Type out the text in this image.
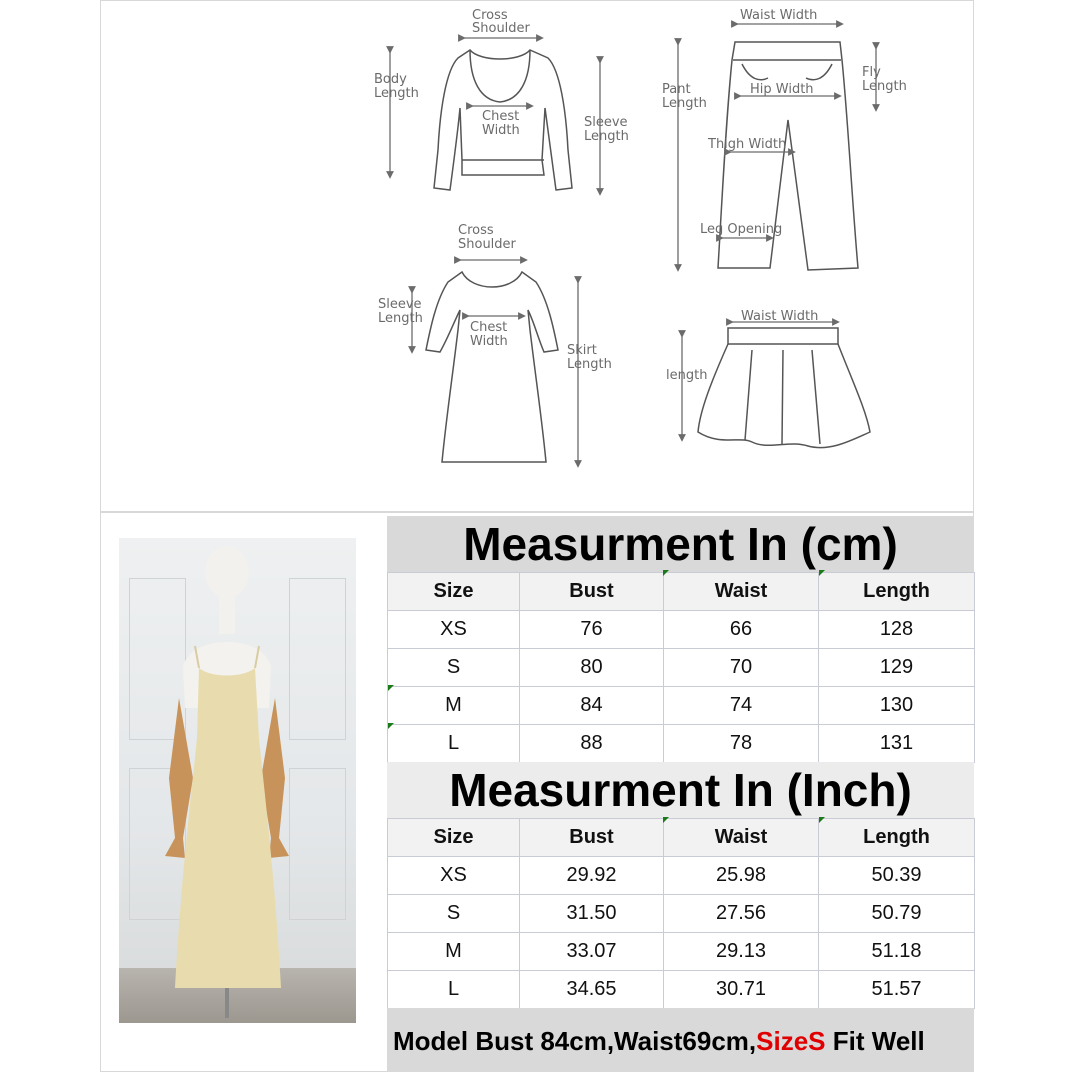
Cross
Shoulder
Body
Length
Chest
Width
Sleeve
Length
Waist Width
Pant
Length
Hip Width
Fly
Length
Thigh Width
Leg Opening
Cross
Shoulder
Sleeve
Length
Chest
Width
Skirt
Length
Waist Width
length
Measurment In (cm)
Size	Bust	Waist	Length
XS	76	66	128
S	80	70	129
M	84	74	130
L	88	78	131
Measurment In (Inch)
Size	Bust	Waist	Length
XS	29.92	25.98	50.39
S	31.50	27.56	50.79
M	33.07	29.13	51.18
L	34.65	30.71	51.57
Model Bust 84cm,Waist69cm,SizeS Fit Well
